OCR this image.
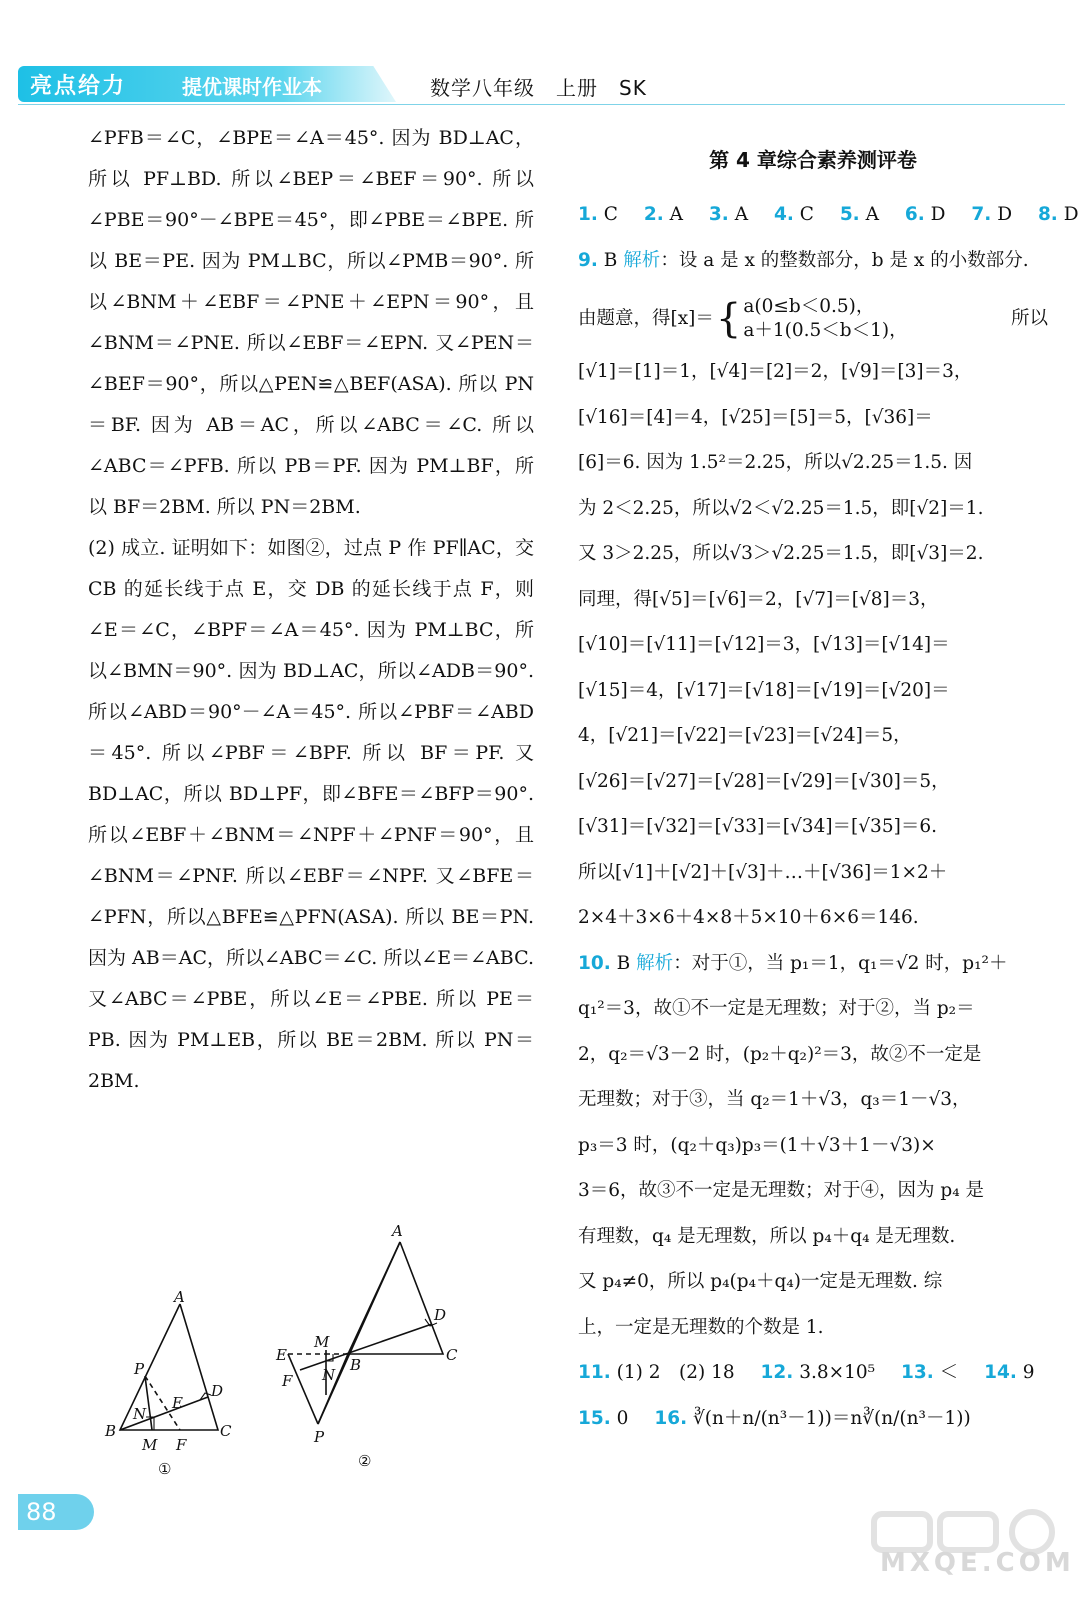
亮点给力	提优课时作业本	数学八年级　上册　SK

∠PFB＝∠C，∠BPE＝∠A＝45°. 因为 BD⊥AC，所以 PF⊥BD. 所以∠BEP＝∠BEF＝90°. 所以∠PBE＝90°－∠BPE＝45°，即∠PBE＝∠BPE. 所以 BE＝PE. 因为 PM⊥BC，所以∠PMB＝90°. 所以∠BNM＋∠EBF＝∠PNE＋∠EPN＝90°，且∠BNM＝∠PNE. 所以∠EBF＝∠EPN. 又∠PEN＝∠BEF＝90°，所以△PEN≌△BEF(ASA). 所以 PN＝BF. 因为 AB＝AC，所以∠ABC＝∠C. 所以∠ABC＝∠PFB. 所以 PB＝PF. 因为 PM⊥BF，所以 BF＝2BM. 所以 PN＝2BM.

(2) 成立. 证明如下：如图②，过点 P 作 PF∥AC，交 CB 的延长线于点 E，交 DB 的延长线于点 F，则∠E＝∠C，∠BPF＝∠A＝45°. 因为 PM⊥BC，所以∠BMN＝90°. 因为 BD⊥AC，所以∠ADB＝90°. 所以∠ABD＝90°－∠A＝45°. 所以∠PBF＝∠ABD＝45°. 所以∠PBF＝∠BPF. 所以 BF＝PF. 又 BD⊥AC，所以 BD⊥PF，即∠BFE＝∠BFP＝90°. 所以∠EBF＋∠BNM＝∠NPF＋∠PNF＝90°，且∠BNM＝∠PNF. 所以∠EBF＝∠NPF. 又∠BFE＝∠PFN，所以△BFE≌△PFN(ASA). 所以 BE＝PN. 因为 AB＝AC，所以∠ABC＝∠C. 所以∠E＝∠ABC. 又∠ABC＝∠PBE，所以∠E＝∠PBE. 所以 PE＝PB. 因为 PM⊥EB，所以 BE＝2BM. 所以 PN＝2BM.

A
P
N
E
D
B
M F
C
①
A
D
M
E
B
C
F N
P
②
第 4 章综合素养测评卷
1. C 2. A 3. A 4. C 5. A 6. D 7. D 8. D
9. B 解析：设 a 是 x 的整数部分，b 是 x 的小数部分.
由题意，得[x]＝ { a(0≤b＜0.5)，
a＋1(0.5＜b＜1)，
所以
[√1]＝[1]＝1，[√4]＝[2]＝2，[√9]＝[3]＝3，
[√16]＝[4]＝4，[√25]＝[5]＝5，[√36]＝
[6]＝6. 因为 1.5²＝2.25，所以√2.25＝1.5. 因
为 2＜2.25，所以√2＜√2.25＝1.5，即[√2]＝1.
又 3＞2.25，所以√3＞√2.25＝1.5，即[√3]＝2.
同理，得[√5]＝[√6]＝2，[√7]＝[√8]＝3，
[√10]＝[√11]＝[√12]＝3，[√13]＝[√14]＝
[√15]＝4，[√17]＝[√18]＝[√19]＝[√20]＝
4，[√21]＝[√22]＝[√23]＝[√24]＝5，
[√26]＝[√27]＝[√28]＝[√29]＝[√30]＝5，
[√31]＝[√32]＝[√33]＝[√34]＝[√35]＝6.
所以[√1]＋[√2]＋[√3]＋…＋[√36]＝1×2＋
2×4＋3×6＋4×8＋5×10＋6×6＝146.
10. B 解析：对于①，当 p₁＝1，q₁＝√2 时，p₁²＋
q₁²＝3，故①不一定是无理数；对于②，当 p₂＝
2，q₂＝√3－2 时，(p₂＋q₂)²＝3，故②不一定是
无理数；对于③，当 q₂＝1＋√3，q₃＝1－√3，
p₃＝3 时，(q₂＋q₃)p₃＝(1＋√3＋1－√3)×
3＝6，故③不一定是无理数；对于④，因为 p₄ 是
有理数，q₄ 是无理数，所以 p₄＋q₄ 是无理数.
又 p₄≠0，所以 p₄(p₄＋q₄)一定是无理数. 综
上，一定是无理数的个数是 1.
11. (1) 2　(2) 18 12. 3.8×10⁵ 13. ＜ 14. 9
15. 0 16. ∛(n＋n/(n³－1))＝n∛(n/(n³－1))
88
MXQE.COM
